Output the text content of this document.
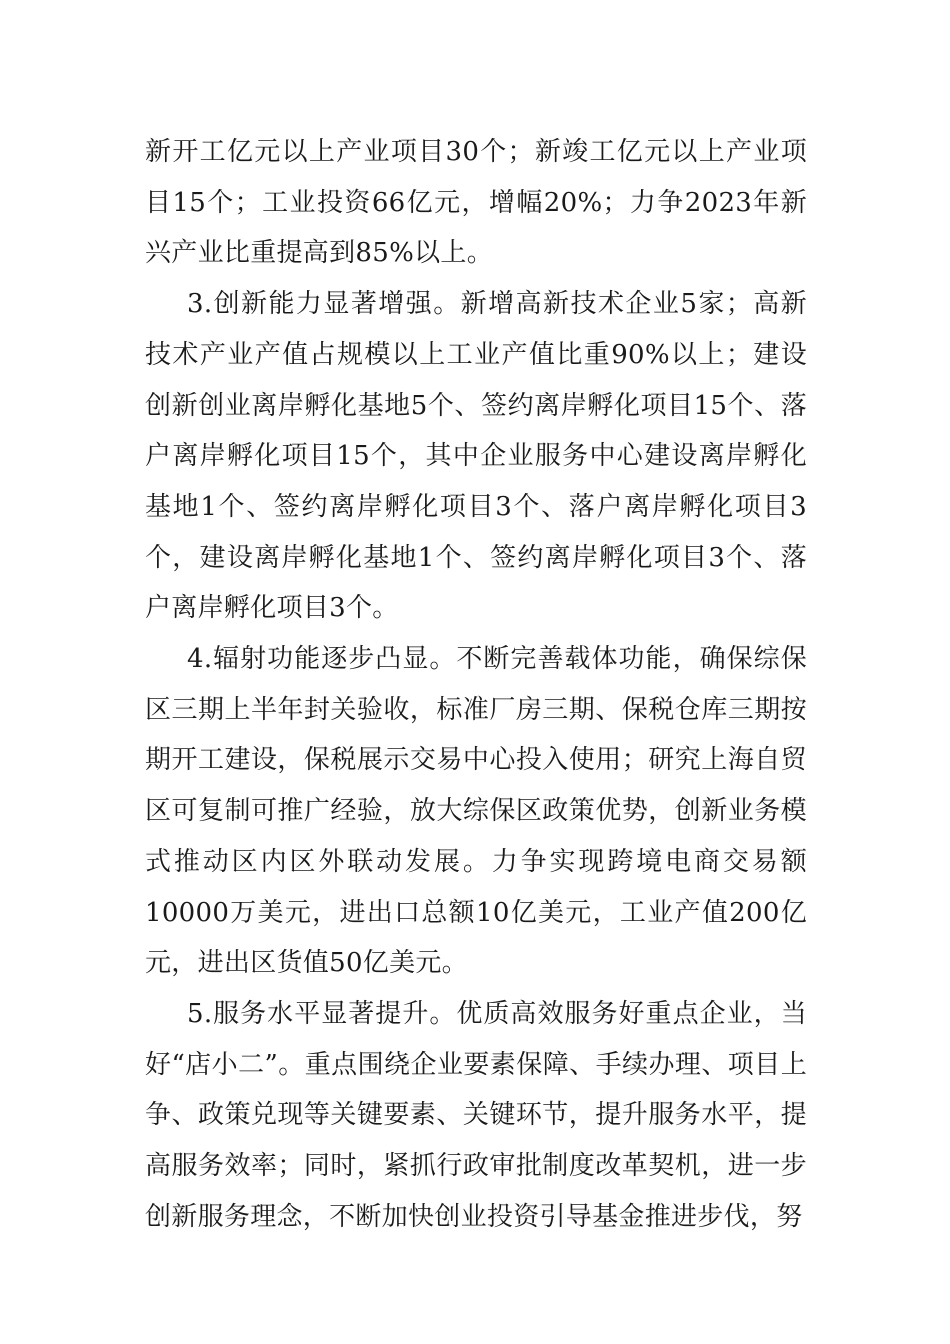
新开工亿元以上产业项目30个；新竣工亿元以上产业项目15个；工业投资66亿元，增幅20%；力争2023年新兴产业比重提高到85%以上。

3.创新能力显著增强。新增高新技术企业5家；高新技术产业产值占规模以上工业产值比重90%以上；建设创新创业离岸孵化基地5个、签约离岸孵化项目15个、落户离岸孵化项目15个，其中企业服务中心建设离岸孵化基地1个、签约离岸孵化项目3个、落户离岸孵化项目3个，建设离岸孵化基地1个、签约离岸孵化项目3个、落户离岸孵化项目3个。

4.辐射功能逐步凸显。不断完善载体功能，确保综保区三期上半年封关验收，标准厂房三期、保税仓库三期按期开工建设，保税展示交易中心投入使用；研究上海自贸区可复制可推广经验，放大综保区政策优势，创新业务模式推动区内区外联动发展。力争实现跨境电商交易额10000万美元，进出口总额10亿美元，工业产值200亿元，进出区货值50亿美元。

5.服务水平显著提升。优质高效服务好重点企业，当好“店小二”。重点围绕企业要素保障、手续办理、项目上争、政策兑现等关键要素、关键环节，提升服务水平，提高服务效率；同时，紧抓行政审批制度改革契机，进一步创新服务理念，不断加快创业投资引导基金推进步伐，努
